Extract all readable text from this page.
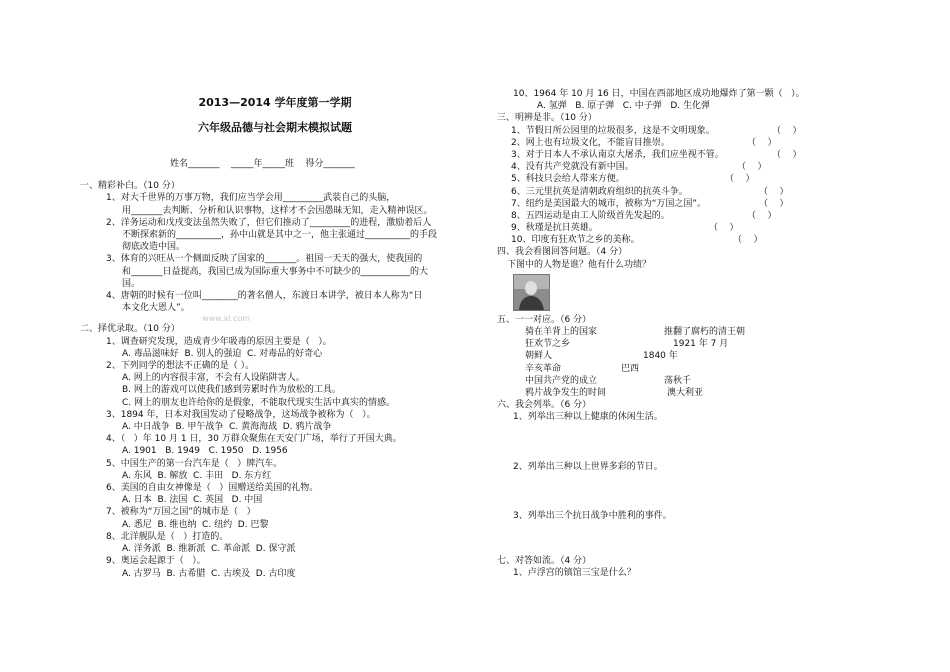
2013—2014 学年度第一学期
六年级品德与社会期末模拟试题
姓名_______    _____年_____班    得分_______
一、精彩补白。（10 分）
1、对大千世界的万事万物，我们应当学会用_________武装自己的头脑，
用_______去判断、分析和认识事物，这样才不会因愚昧无知，走入精神误区。
2、洋务运动和戊戌变法虽然失败了，但它们推动了_________的进程，激励着后人
不断探索新的__________，孙中山就是其中之一，他主张通过__________的手段
彻底改造中国。
3、体育的兴旺从一个侧面反映了国家的_______。祖国一天天的强大，使我国的
和_______日益提高，我国已成为国际重大事务中不可缺少的___________的大
国。
4、唐朝的时候有一位叫________的著名僧人，东渡日本讲学，被日本人称为“日
本文化大恩人”。
www.xl.com
二、择优录取。（10 分）
1、调查研究发现，造成青少年吸毒的原因主要是（   ）。
A. 毒品滋味好  B. 别人的强迫  C. 对毒品的好奇心
2、下列同学的想法不正确的是（ ）。
A. 网上的内容很丰富，不会有人设陷阱害人。
B. 网上的游戏可以使我们感到劳累时作为放松的工具。
C. 网上的朋友也许给你的是假象，不能取代现实生活中真实的情感。
3、1894 年，日本对我国发动了侵略战争，这场战争被称为（   ）。
A. 中日战争  B. 甲午战争  C. 黄海海战  D. 鸦片战争
4、（   ）年 10 月 1 日，30 万群众聚焦在天安门广场，举行了开国大典。
A. 1901   B. 1949   C. 1950   D. 1956
5、中国生产的第一台汽车是（   ）牌汽车。
A. 东风  B. 解放  C. 丰田   D. 东方红
6、美国的自由女神像是（   ）国赠送给美国的礼物。
A. 日本  B. 法国  C. 英国   D. 中国
7、被称为“万国之国”的城市是（   ）
A. 悉尼  B. 维也纳  C. 纽约  D. 巴黎
8、北洋舰队是（   ）打造的。
A. 洋务派  B. 维新派  C. 革命派  D. 保守派
9、奥运会起源于（   ）。
A. 古罗马  B. 古希腊  C. 古埃及  D. 古印度
10、1964 年 10 月 16 日，中国在西部地区成功地爆炸了第一颗（   ）。
A. 氢弹   B. 原子弹   C. 中子弹   D. 生化弹
三、明辨是非。（10 分）
1、节假日所公园里的垃圾很多，这是不文明现象。	（    ）
2、网上也有垃圾文化，不能盲目推崇。	（    ）
3、对于日本人不承认南京大屠杀，我们应坐视不管。	（    ）
4、没有共产党就没有新中国。	（    ）
5、科技只会给人带来方便。	（    ）
6、三元里抗英是清朝政府组织的抗英斗争。	（    ）
7、纽约是美国最大的城市，被称为“万国之国”。	（    ）
8、五四运动是由工人阶级首先发起的。	（    ）
9、秋瑾是抗日英雄。	（    ）
10、印度有狂欢节之乡的美称。	（    ）
四、我会看图回答问题。（4 分）
下图中的人物是谁？他有什么功绩？
五、一一对应。（6 分）
骑在羊背上的国家	推翻了腐朽的清王朝
狂欢节之乡	1921 年 7 月
朝鲜人	1840 年
辛亥革命	巴西
中国共产党的成立	荡秋千
鸦片战争发生的时间	澳大利亚
六、我会列举。（6 分）
1、列举出三种以上健康的休闲生活。
2、列举出三种以上世界多彩的节日。
3、列举出三个抗日战争中胜利的事件。
七、对答如流。（4 分）
1、卢浮宫的镇馆三宝是什么？
